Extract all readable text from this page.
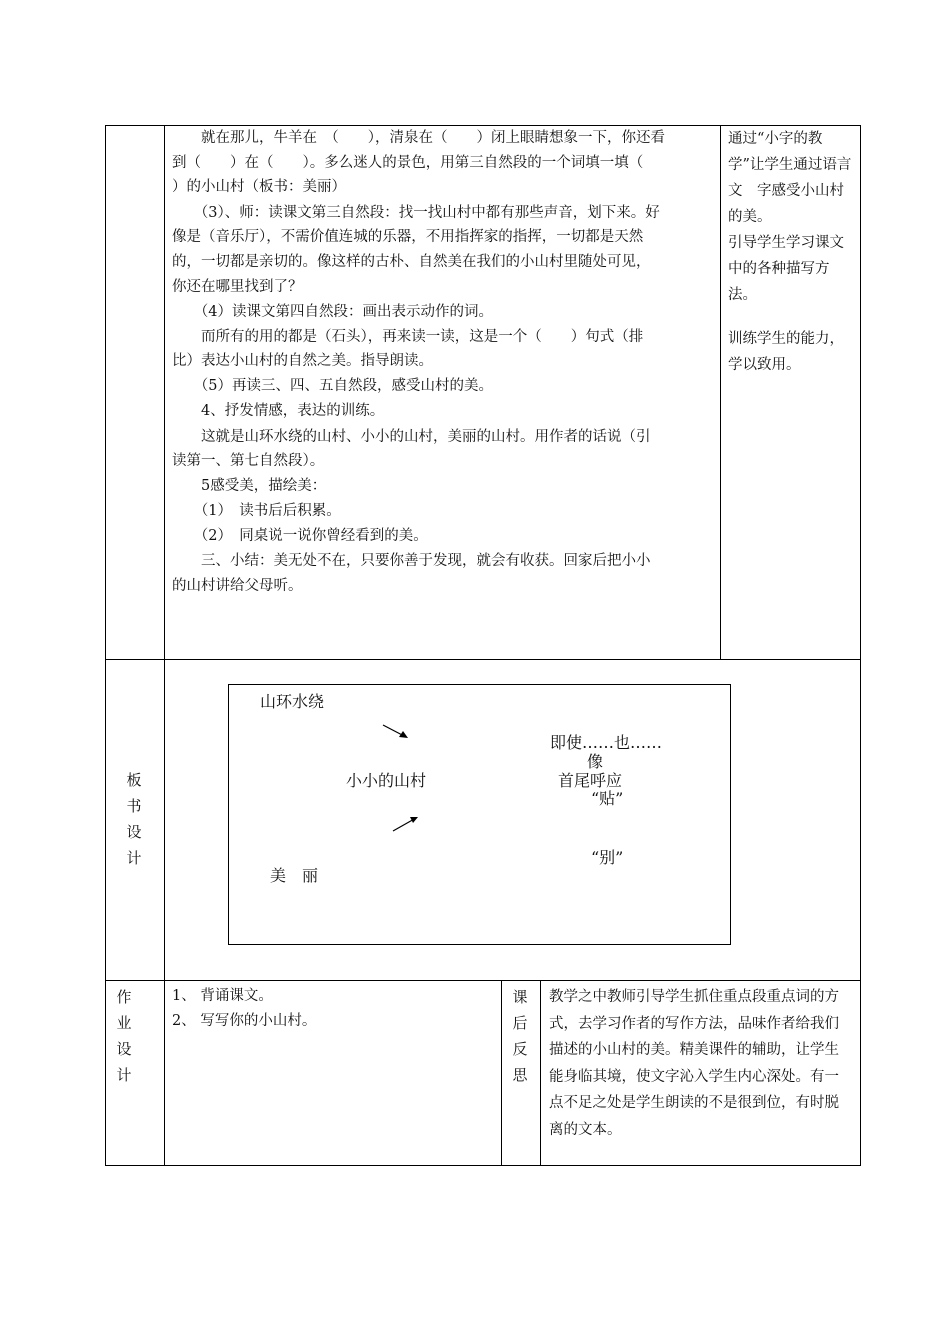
　　就在那儿，牛羊在　（　　），清泉在（　　）闭上眼睛想象一下，你还看
到（　　）在（　　）。多么迷人的景色，用第三自然段的一个词填一填（
）的小山村（板书：美丽）
　　（3）、师：读课文第三自然段：找一找山村中都有那些声音，划下来。好
像是（音乐厅），不需价值连城的乐器，不用指挥家的指挥，一切都是天然
的，一切都是亲切的。像这样的古朴、自然美在我们的小山村里随处可见，
你还在哪里找到了？
　　（4）读课文第四自然段：画出表示动作的词。
　　而所有的用的都是（石头），再来读一读，这是一个（　　）句式（排
比）表达小山村的自然之美。指导朗读。
　　（5）再读三、四、五自然段，感受山村的美。
　　4、抒发情感，表达的训练。
　　这就是山环水绕的山村、小小的山村，美丽的山村。用作者的话说（引
读第一、第七自然段）。
　　5感受美，描绘美：
　　（1）　读书后后积累。
　　（2）　同桌说一说你曾经看到的美。
　　三、小结：美无处不在，只要你善于发现，就会有收获。回家后把小小
的山村讲给父母听。
通过“小字的教学”让学生通过语言文　字感受小山村的美。
引导学生学习课文中的各种描写方法。
训练学生的能力，学以致用。
板书设计
山环水绕
小小的山村
美　丽
即使……也……
像
首尾呼应
“贴”
“别”
作业设计
1、 背诵课文。
2、 写写你的小山村。
课后反思
教学之中教师引导学生抓住重点段重点词的方式，去学习作者的写作方法，品味作者给我们描述的小山村的美。精美课件的辅助，让学生能身临其境，使文字沁入学生内心深处。有一点不足之处是学生朗读的不是很到位，有时脱离的文本。
